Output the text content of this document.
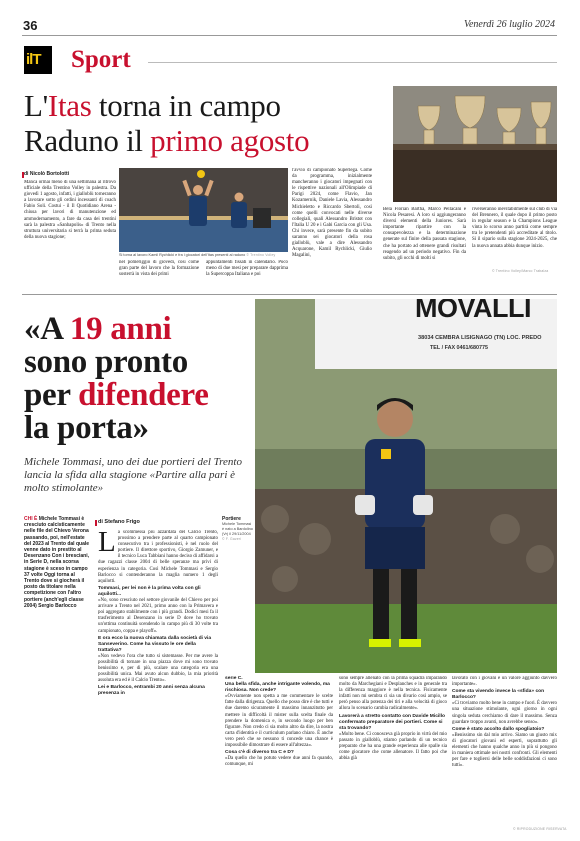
36	Venerdì 26 luglio 2024
ilT Sport
L'Itas torna in campo
Raduno il primo agosto
© Trentino Volley/Marco Trabalza
di Nicolò Bortolotti

Manca ormai meno di una settimana al ritrovo ufficiale della Trentino Volley in palestra. Da giovedì 1 agosto, infatti, i gialloblù torneranno a lavorare sotto gli ordini incessanti di coach Fabio Soli. Costui - il Il Quotidiano Arena - chiusa per lavori di manutenzione ed ammodernamento, a fare da casa dei trentini sarà la palestra «Sanbapolis» di Trento nella struttura universitaria si terrà la prima seduta della nuova stagione;

Si torna al lavoro Kamil Rychlicki e fra i giocatori dell'Itas presenti al raduno © Trentino Volley

nel pomeriggio di giovedì, così come gran parte del lavoro che la formazione sosterrà in vista dei primi

appuntamenti fissati in calendario. Poco meno di due mesi per preparare dapprima la Supercoppa Italiana e poi

l'avvio di campionato Superlega. Come da programma, inizialmente mancheranno i giocatori impegnati con le rispettive nazionali all'Olimpiade di Parigi 2024, come Flavio, Jan Kozamernik, Daniele Lavia, Alessandro Michieletto e Riccardo Sbertoli, così come quelli convocati nelle diverse collegiali, quali Alessandro Bristot con l'Italia U 20 e i Gabi Garcia con gli Usa. Chi invece, sarà presente fin da subito saranno sei giocatori della rosa gialloblù, vale a dire Alessandro Acquarone, Kamil Rychlicki, Giulio Magalini,

Bela Florian Bartha, Marco Pellacani e Nicola Pesaresi. A loro si aggiungeranno diversi elementi della Juniores. Sarà importante ripartire con la consapevolezza e la determinazione generate sul finire della passata stagione, che ha portato ad ottenere grandi risultati reagendo ad un periodo negativo. Fin da subito, gli occhi di molti si

riverseranno inevitabilmente sul club di via del Brennero, il quale dopo il primo posto in regular season e la Champions League vinta lo scorso anno partirà come sempre tra le pretendenti più accreditate al titolo. Si il sipario sulla stagione 2024-2025, che la nuova annata abbia dunque inizio.

MOVALLI
38034 CEMBRA LISIGNAGO (TN) LOC. PREDO
TEL / FAX 0461/680775
«A 19 anni
sono pronto
per difendere
la porta»
Michele Tommasi, uno dei due portieri del Trento lancia la sfida alla stagione «Partire alla pari è molto stimolante»
CHI È Michele Tommasi è cresciuto calcisticamente nelle file del Chievo Verona passando, poi, nell'estate del 2023 al Trento dal quale venne dato in prestito al Desenzano Con i bresciani, in Serie D, nella scorsa stagione è sceso in campo 37 volte Oggi torna al Trento dove si giocherà il posto da titolare nella competizione con l'altro portiere (anch'egli classe 2004) Sergio Barlocco
di Stefano Frigo	Portiere
Michele Tommasi è nato a Bardolino (Vr) il 29/11/2004 © F. Gazeri
L a scommessa più azzardata del Calcio Trento, prossimo a prendere parte al quarto campionato consecutivo tra i professionisti, è nel ruolo del portiere. Il direttore sportivo, Giorgio Zamuner, e il tecnico Luca Tabbiani hanno deciso di affidarsi a due ragazzi classe 2004 di belle speranze ma privi di esperienza in categoria. Così Michele Tommasi e Sergio Barlocco si contenderanno la maglia numero 1 degli aquilotti.

Tommasi, per lei non è la prima volta con gli aquilotti...

«No, sono cresciuto nel settore giovanile del Chievo per poi arrivare a Trento nel 2021, primo anno con la Primavera e poi aggregato stabilmente con i più grandi. Dodici mesi fa il trasferimento al Desenzano in serie D dove ho trovato un'ottima continuità scendendo in campo più di 30 volte tra campionato, coppa e playoff».

E ora ecco la nuova chiamata dalla società di via Sanseverino. Come ha vissuto le ore della trattativa?

«Non vedevo l'ora che tutto si sistemasse. Per me avere la possibilità di tornare in una piazza dove mi sono trovato benissimo e, per di più, scalare una categoria era una possibilità unica. Mai avuto alcun dubbio, la mia priorità assoluta era ed è il Calcio Trento».

Lei e Barlocco, entrambi 20 anni senza alcuna presenza in
serie C.
Una bella sfida, anche intrigante volendo, ma rischiosa. Non crede?

«Ovviamente non spetta a me commentare le scelte fatte dalla dirigenza. Quello che posso dire è che tutti e due daremo sicuramente il massimo innanzitutto per mettere in difficoltà il mister sulla scelta finale da prendere la domenica e, in secondo luogo per ben figurare. Non credo ci sia molto altro da dire, la nostra carta d'identità e il curriculum parlano chiaro. È anche vero però che se nessuno ti concede una chance è impossibile dimostrare di essere all'altezza».

Cosa c'è di diverso tra C e D?

«Da quello che ho potuto vedere due anni fa quando, comunque, mi

sono sempre allenato con la prima squadra imparando molto da Marchegiani e Desplanches e in generale tra la differenza maggiore è nella tecnica. Fisicamente infatti non mi sembra ci sia un divario così ampio, se però penso alla potenza dei tiri e alla velocità di gioco allora lo scenario cambia radicalmente».

Lavorerà a stretto contatto con Davide Micillo confermato preparatore dei portieri. Come si sta trovando?

«Molto bene. Ci conosceva già proprio in virtù del mio passato in gialloblù, stiamo parlando di un tecnico preparato che ha una grande esperienza alle spalle sia come giocatore che come allenatore. Il fatto poi che abbia già

lavorato con i giovani è un valore aggiunto davvero importante».

Come sta vivendo invece la «sfida» con Barlocco?

«Ci troviamo molto bene in campo e fuori. È davvero una situazione stimolante, ogni giorno in ogni singola seduta cerchiamo di dare il massimo. Senza guardare troppo avanti, non avrebbe senso».

Come è stato accolto dallo spogliatoio?

«Benissimo sin dal mio arrivo. Siamo un giusto mix di giocatori giovani ed esperti, soprattutto gli elementi che hanno qualche anno in più si pongono in maniera ottimale nei nostri confronti. Gli elementi per fare e togliersi delle belle soddisfazioni ci sono tutti».

© RIPRODUZIONE RISERVATA
